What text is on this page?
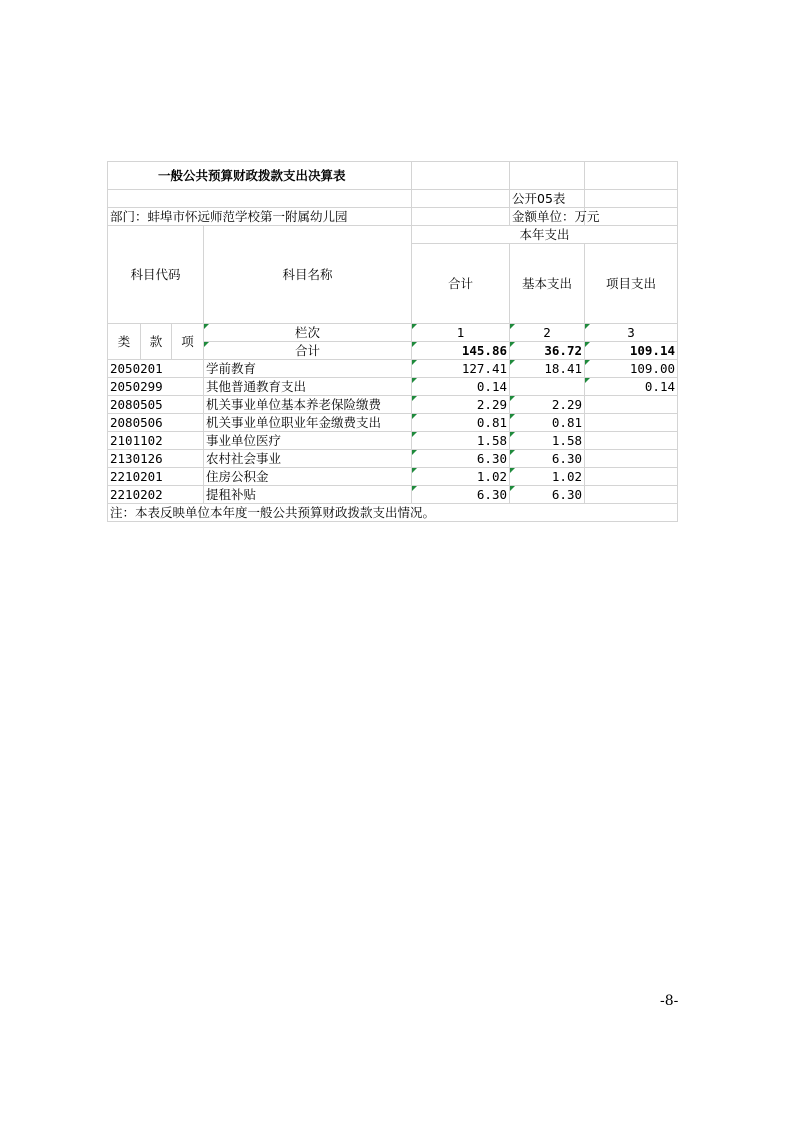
一般公共预算财政拨款支出决算表						
					公开05表	
部门：蚌埠市怀远师范学校第一附属幼儿园					金额单位：万元	
科目代码			科目名称	本年支出		
				合计	基本支出	项目支出

类	款	项	栏次	1	2	3
			合计	145.86	36.72	109.14
2050201			学前教育	127.41	18.41	109.00
2050299			其他普通教育支出	0.14		0.14
2080505			机关事业单位基本养老保险缴费	2.29	2.29	
2080506			机关事业单位职业年金缴费支出	0.81	0.81	
2101102			事业单位医疗	1.58	1.58	
2130126			农村社会事业	6.30	6.30	
2210201			住房公积金	1.02	1.02	
2210202			提租补贴	6.30	6.30	
注：本表反映单位本年度一般公共预算财政拨款支出情况。						
-8-
